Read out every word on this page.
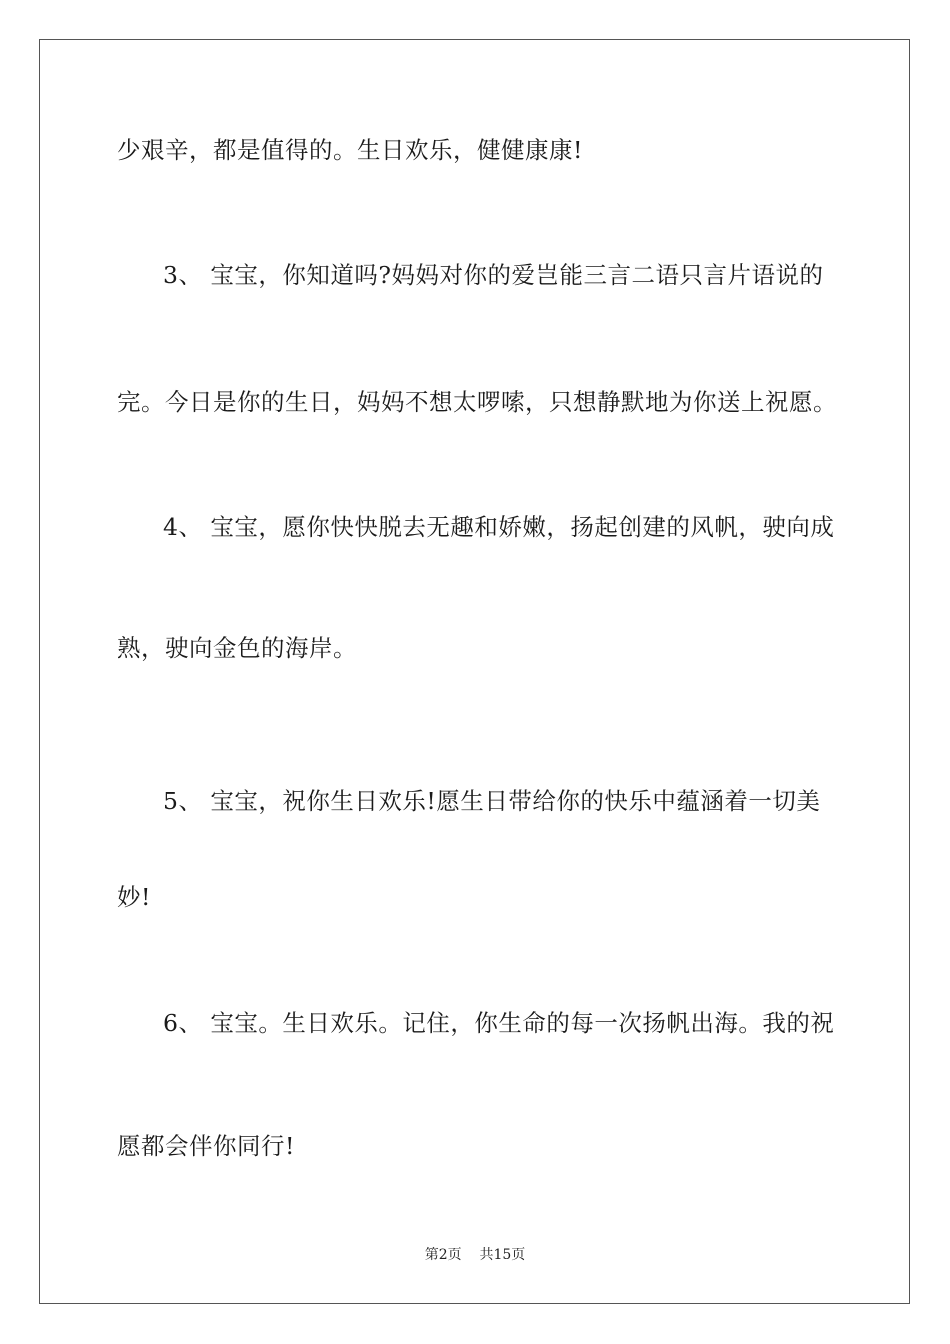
少艰辛，都是值得的。生日欢乐，健健康康!
3、 宝宝，你知道吗?妈妈对你的爱岂能三言二语只言片语说的
完。今日是你的生日，妈妈不想太啰嗦，只想静默地为你送上祝愿。
4、 宝宝，愿你快快脱去无趣和娇嫩，扬起创建的风帆，驶向成
熟，驶向金色的海岸。
5、 宝宝，祝你生日欢乐!愿生日带给你的快乐中蕴涵着一切美
妙!
6、 宝宝。生日欢乐。记住，你生命的每一次扬帆出海。我的祝
愿都会伴你同行!
第2页 共15页
